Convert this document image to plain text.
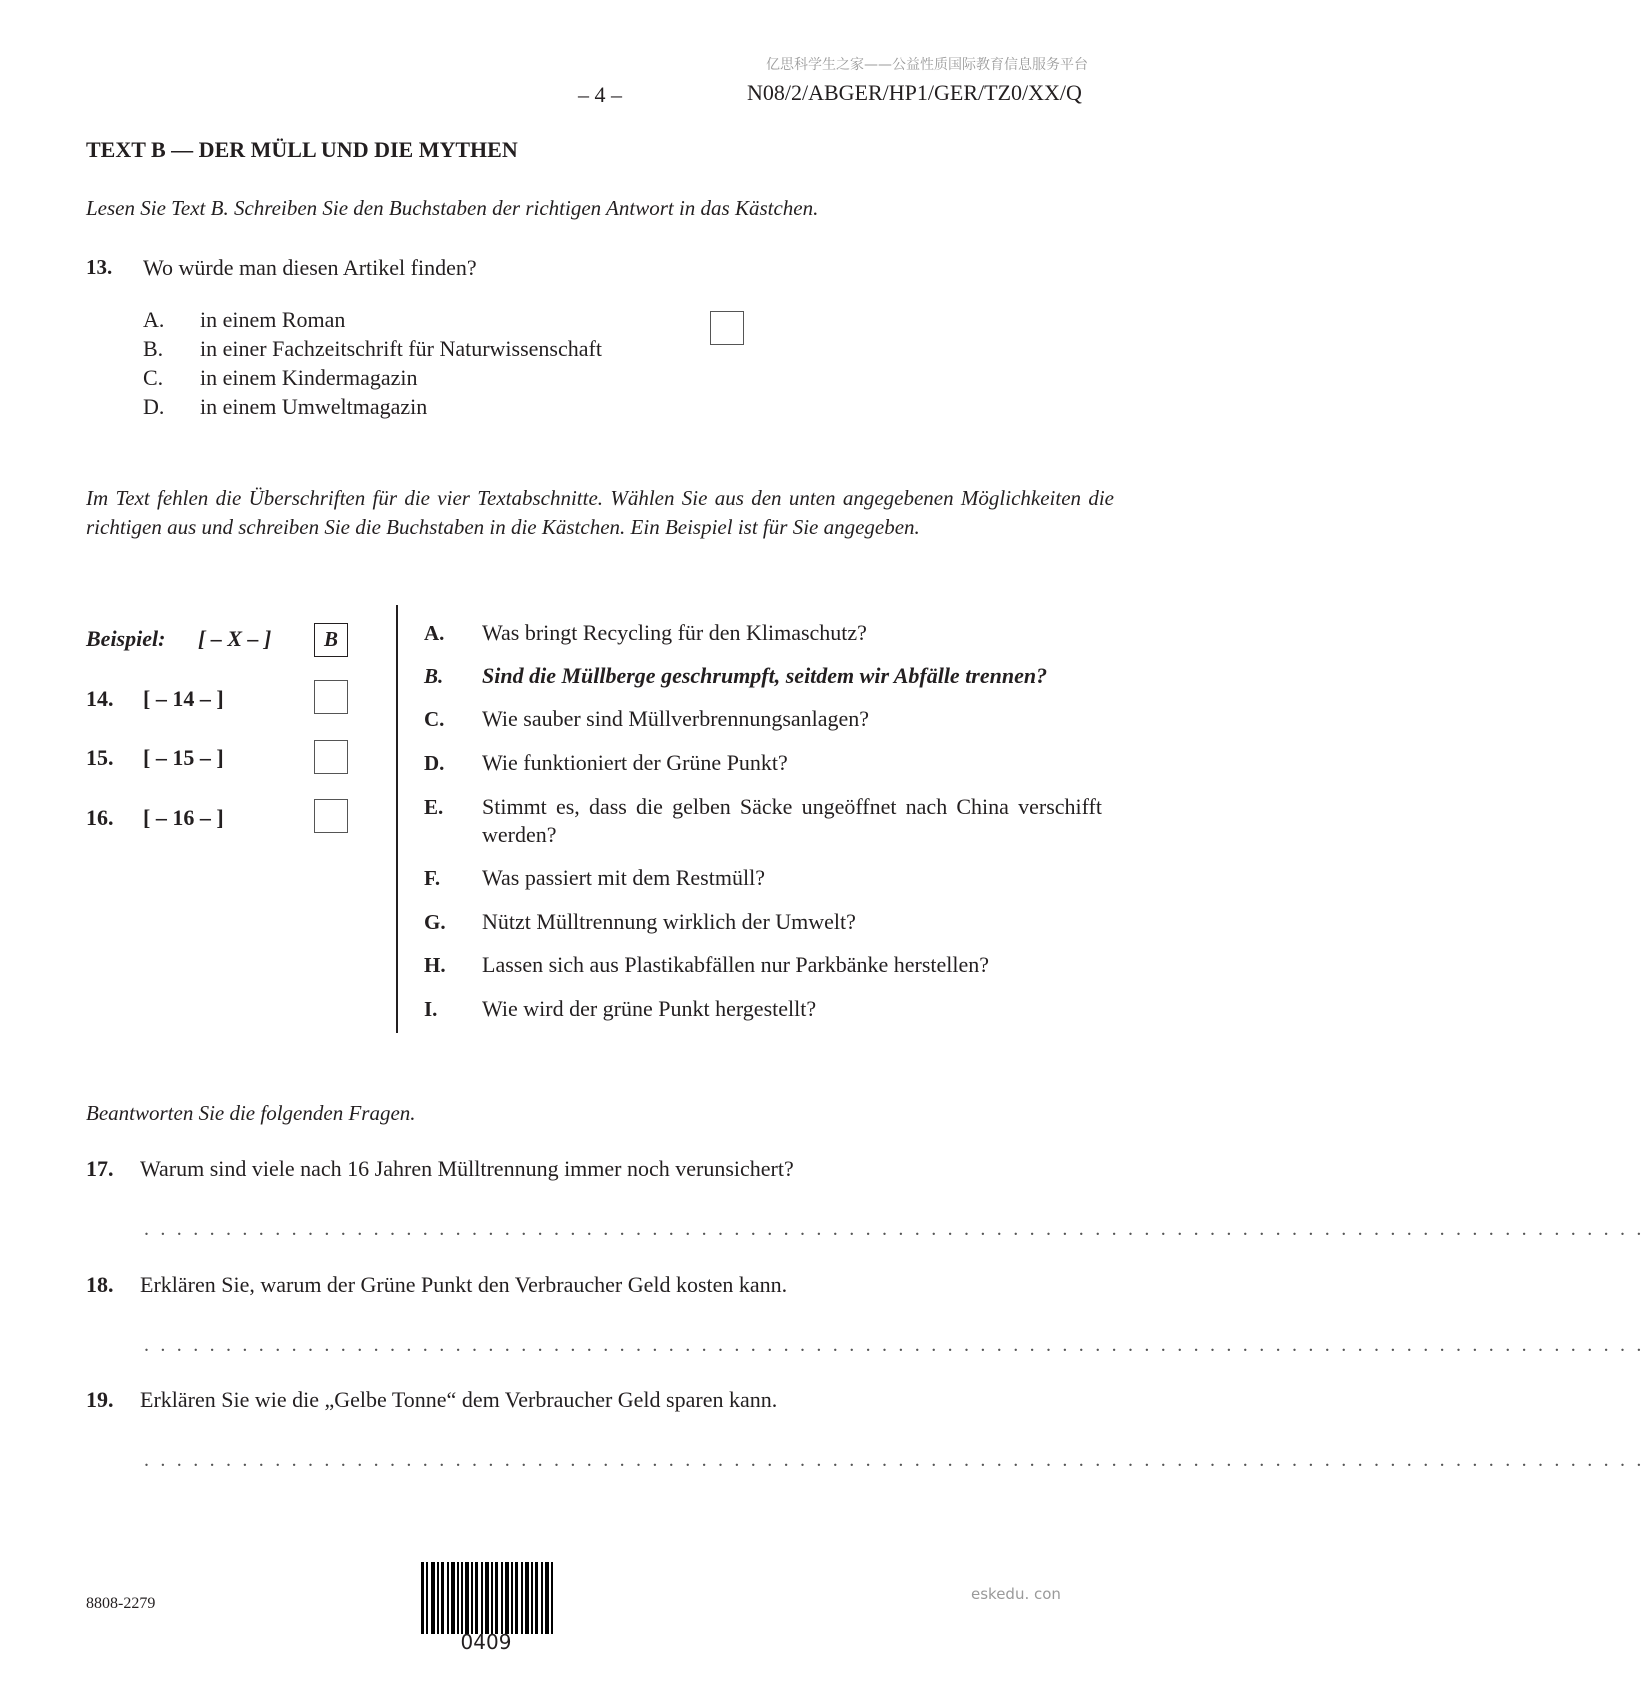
亿思科学生之家——公益性质国际教育信息服务平台
– 4 –	N08/2/ABGER/HP1/GER/TZ0/XX/Q
TEXT B — DER MÜLL UND DIE MYTHEN
Lesen Sie Text B. Schreiben Sie den Buchstaben der richtigen Antwort in das Kästchen.
13. Wo würde man diesen Artikel finden?
A. in einem Roman
B. in einer Fachzeitschrift für Naturwissenschaft
C. in einem Kindermagazin
D. in einem Umweltmagazin
Im Text fehlen die Überschriften für die vier Textabschnitte. Wählen Sie aus den unten angegebenen Möglichkeiten die richtigen aus und schreiben Sie die Buchstaben in die Kästchen. Ein Beispiel ist für Sie angegeben.
Beispiel: [ – X – ]	B
14. [ – 14 – ]
15. [ – 15 – ]
16. [ – 16 – ]
A. Was bringt Recycling für den Klimaschutz?
B. Sind die Müllberge geschrumpft, seitdem wir Abfälle trennen?
C. Wie sauber sind Müllverbrennungsanlagen?
D. Wie funktioniert der Grüne Punkt?
E. Stimmt es, dass die gelben Säcke ungeöffnet nach China verschifft werden?
F. Was passiert mit dem Restmüll?
G. Nützt Mülltrennung wirklich der Umwelt?
H. Lassen sich aus Plastikabfällen nur Parkbänke herstellen?
I. Wie wird der grüne Punkt hergestellt?
Beantworten Sie die folgenden Fragen.
17. Warum sind viele nach 16 Jahren Mülltrennung immer noch verunsichert?
. . . . . . . . . . . . . . . . . . . . . . . . . . . . . . . . . . . . . . . . . . . . . . . . . . . . . . . . . . . . . . . . . . . . . . . . . . . . . . . . . . . . . . . . . . . .
18. Erklären Sie, warum der Grüne Punkt den Verbraucher Geld kosten kann.
. . . . . . . . . . . . . . . . . . . . . . . . . . . . . . . . . . . . . . . . . . . . . . . . . . . . . . . . . . . . . . . . . . . . . . . . . . . . . . . . . . . . . . . . . . . .
19. Erklären Sie wie die „Gelbe Tonne“ dem Verbraucher Geld sparen kann.
. . . . . . . . . . . . . . . . . . . . . . . . . . . . . . . . . . . . . . . . . . . . . . . . . . . . . . . . . . . . . . . . . . . . . . . . . . . . . . . . . . . . . . . . . . . .
8808-2279
0409
eskedu. con
